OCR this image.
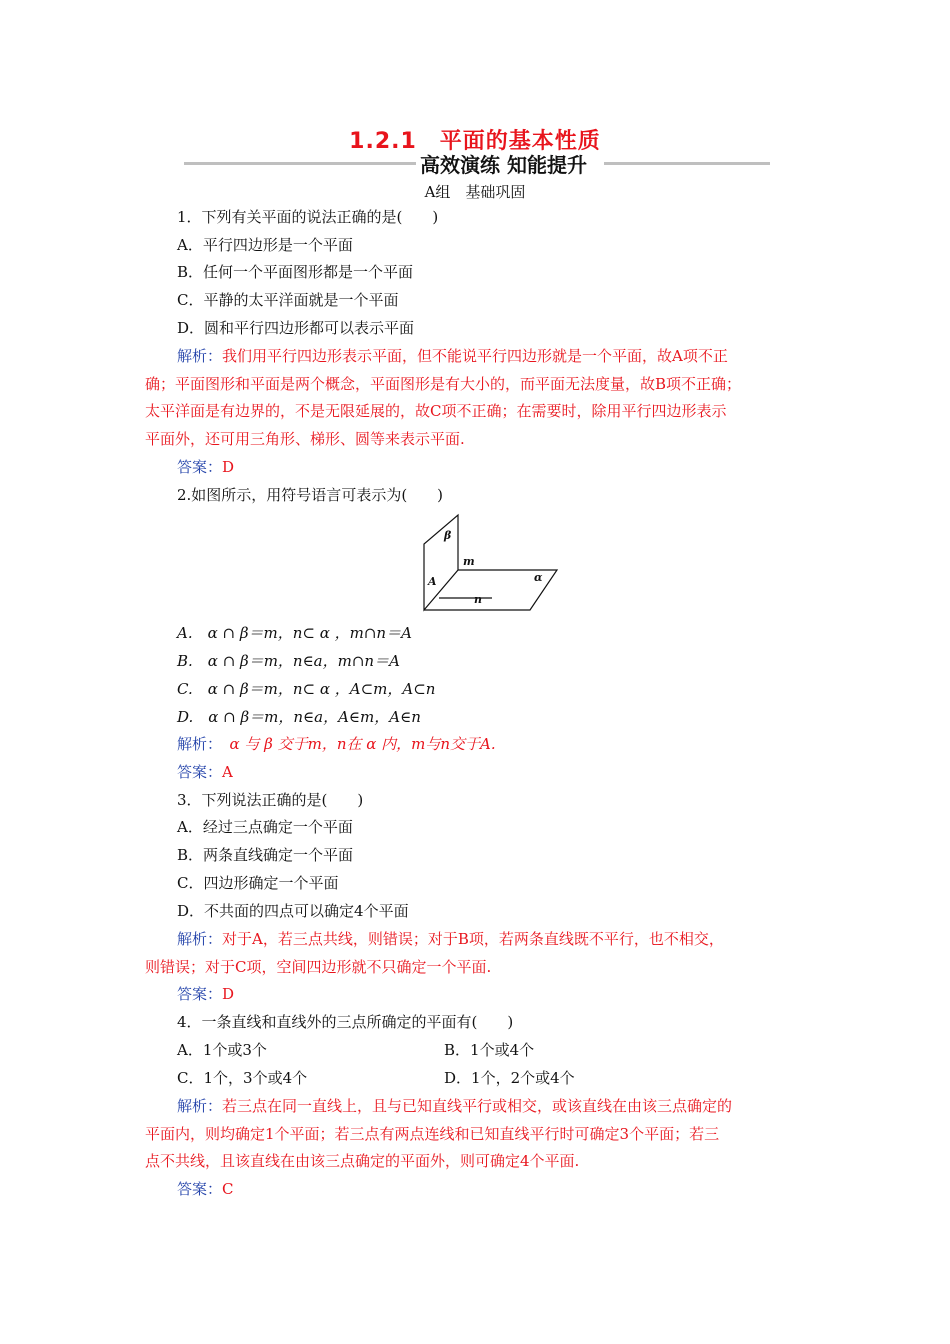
1.2.1　平面的基本性质
高效演练 知能提升
A组　基础巩固
1．下列有关平面的说法正确的是(　　)
A．平行四边形是一个平面
B．任何一个平面图形都是一个平面
C．平静的太平洋面就是一个平面
D．圆和平行四边形都可以表示平面
解析：我们用平行四边形表示平面，但不能说平行四边形就是一个平面，故A项不正
确；平面图形和平面是两个概念，平面图形是有大小的，而平面无法度量，故B项不正确；
太平洋面是有边界的，不是无限延展的，故C项不正确；在需要时，除用平行四边形表示
平面外，还可用三角形、梯形、圆等来表示平面.
答案：D
2.如图所示，用符号语言可表示为(　　)
β
m
α
A
n
A.　α ∩ β＝m，n⊂ α ，m∩n＝A
B.　α ∩ β＝m，n∈a，m∩n＝A
C.　α ∩ β＝m，n⊂ α ，A⊂m，A⊂n
D.　α ∩ β＝m，n∈a，A∈m，A∈n
解析：　α 与 β 交于m，n在 α 内，m与n交于A.
答案：A
3．下列说法正确的是(　　)
A．经过三点确定一个平面
B．两条直线确定一个平面
C．四边形确定一个平面
D．不共面的四点可以确定4个平面
解析：对于A，若三点共线，则错误；对于B项，若两条直线既不平行，也不相交，
则错误；对于C项，空间四边形就不只确定一个平面.
答案：D
4．一条直线和直线外的三点所确定的平面有(　　)
A．1个或3个	B．1个或4个
C．1个，3个或4个	D．1个，2个或4个
解析：若三点在同一直线上，且与已知直线平行或相交，或该直线在由该三点确定的
平面内，则均确定1个平面；若三点有两点连线和已知直线平行时可确定3个平面；若三
点不共线，且该直线在由该三点确定的平面外，则可确定4个平面.
答案：C
